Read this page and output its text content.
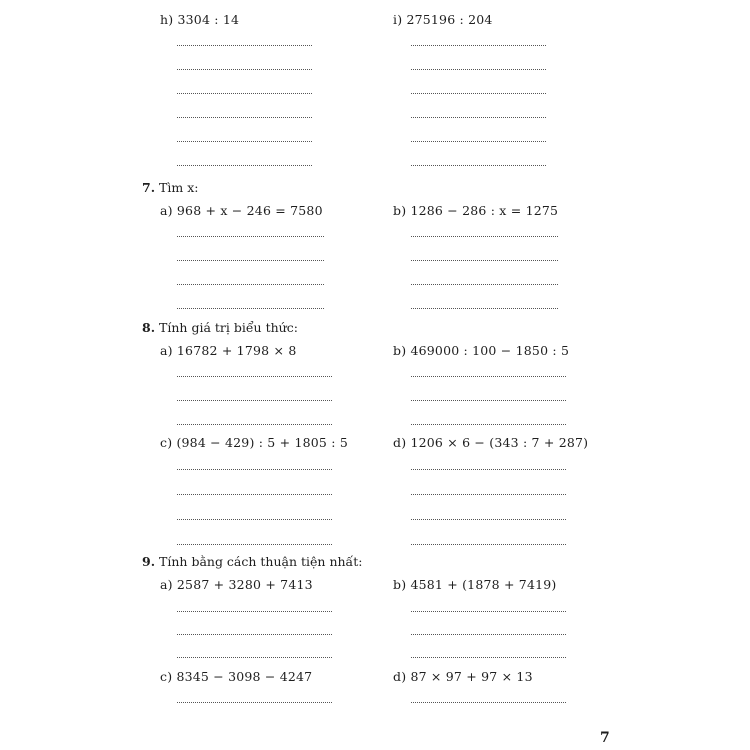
h) 3304 : 14	i) 275196 : 204
7. Tìm x:
a) 968 + x − 246 = 7580	b) 1286 − 286 : x = 1275
8. Tính giá trị biểu thức:
a) 16782 + 1798 × 8	b) 469000 : 100 − 1850 : 5
c) (984 − 429) : 5 + 1805 : 5	d) 1206 × 6 − (343 : 7 + 287)
9. Tính bằng cách thuận tiện nhất:
a) 2587 + 3280 + 7413	b) 4581 + (1878 + 7419)
c) 8345 − 3098 − 4247	d) 87 × 97 + 97 × 13
7
